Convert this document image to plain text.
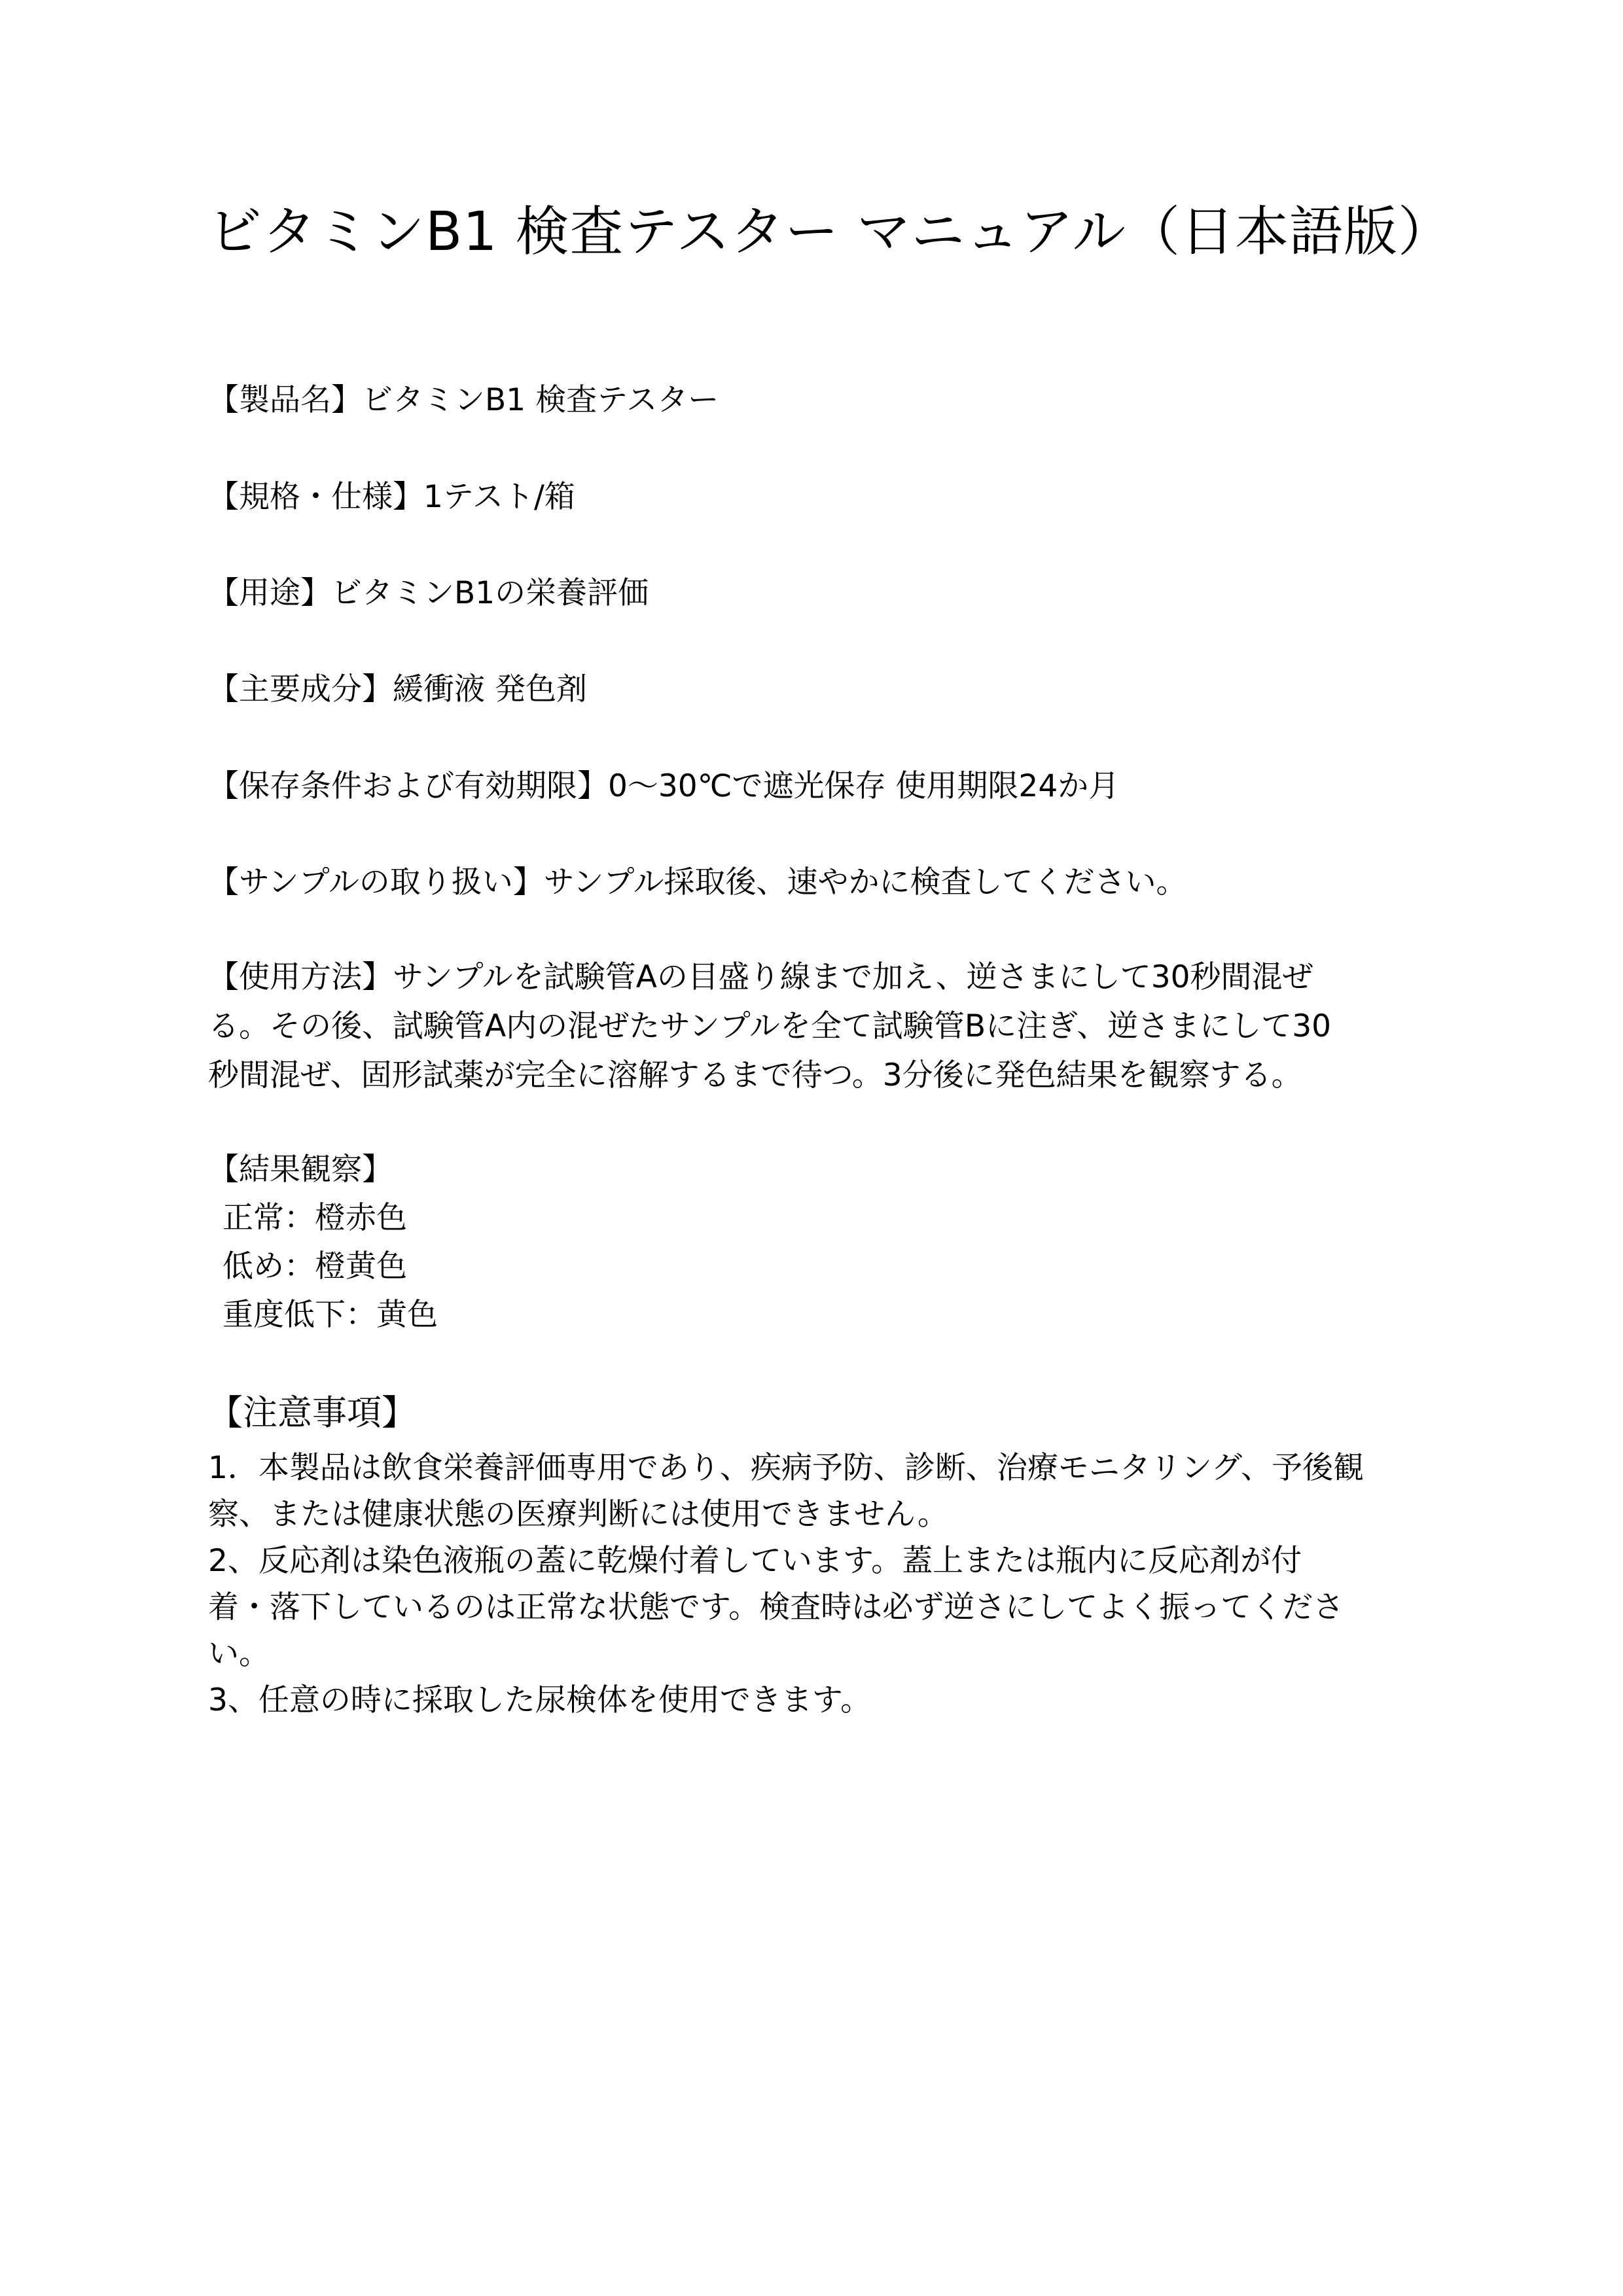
ビタミンB1 検査テスター マニュアル（日本語版）
【製品名】ビタミンB1 検査テスター
【規格・仕様】1テスト/箱
【用途】ビタミンB1の栄養評価
【主要成分】緩衝液 発色剤
【保存条件および有効期限】0～30℃で遮光保存 使用期限24か月
【サンプルの取り扱い】サンプル採取後、速やかに検査してください。
【使用方法】サンプルを試験管Aの目盛り線まで加え、逆さまにして30秒間混ぜ
る。その後、試験管A内の混ぜたサンプルを全て試験管Bに注ぎ、逆さまにして30
秒間混ぜ、固形試薬が完全に溶解するまで待つ。3分後に発色結果を観察する。
【結果観察】
正常：橙赤色
低め：橙黄色
重度低下：黄色
【注意事項】
1．本製品は飲食栄養評価専用であり、疾病予防、診断、治療モニタリング、予後観
察、または健康状態の医療判断には使用できません。
2、反応剤は染色液瓶の蓋に乾燥付着しています。蓋上または瓶内に反応剤が付
着・落下しているのは正常な状態です。検査時は必ず逆さにしてよく振ってくださ
い。
3、任意の時に採取した尿検体を使用できます。
